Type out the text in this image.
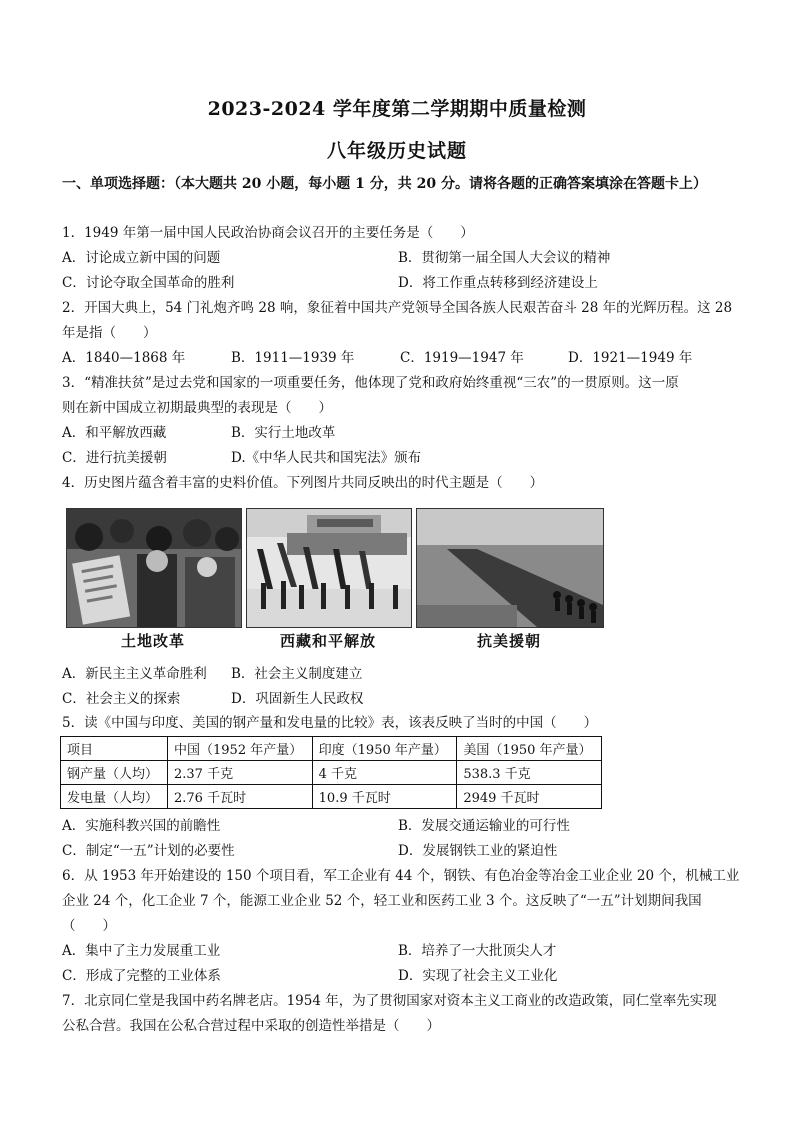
2023-2024 学年度第二学期期中质量检测
八年级历史试题
一、单项选择题：（本大题共 20 小题，每小题 1 分，共 20 分。请将各题的正确答案填涂在答题卡上）
1．1949 年第一届中国人民政治协商会议召开的主要任务是（　　）
A．讨论成立新中国的问题	B．贯彻第一届全国人大会议的精神
C．讨论夺取全国革命的胜利	D．将工作重点转移到经济建设上
2．开国大典上，54 门礼炮齐鸣 28 响，象征着中国共产党领导全国各族人民艰苦奋斗 28 年的光辉历程。这 28
年是指（　　）
A．1840—1868 年	B．1911—1939 年	C．1919—1947 年	D．1921—1949 年
3．“精准扶贫”是过去党和国家的一项重要任务，他体现了党和政府始终重视“三农”的一贯原则。这一原
则在新中国成立初期最典型的表现是（　　）
A．和平解放西藏	B．实行土地改革
C．进行抗美援朝	D.《中华人民共和国宪法》颁布
4．历史图片蕴含着丰富的史料价值。下列图片共同反映出的时代主题是（　　）
土地改革	西藏和平解放	抗美援朝
A．新民主主义革命胜利 B．社会主义制度建立
C．社会主义的探索	D．巩固新生人民政权
5．读《中国与印度、美国的钢产量和发电量的比较》表，该表反映了当时的中国（　　）
项目	中国（1952 年产量）	印度（1950 年产量）	美国（1950 年产量）
钢产量（人均）	2.37 千克	4 千克	538.3 千克
发电量（人均）	2.76 千瓦时	10.9 千瓦时	2949 千瓦时
A．实施科教兴国的前瞻性	B．发展交通运输业的可行性
C．制定“一五”计划的必要性	D．发展钢铁工业的紧迫性
6．从 1953 年开始建设的 150 个项目看，军工企业有 44 个，钢铁、有色冶金等冶金工业企业 20 个，机械工业
企业 24 个，化工企业 7 个，能源工业企业 52 个，轻工业和医药工业 3 个。这反映了“一五”计划期间我国
（　　）
A．集中了主力发展重工业	B．培养了一大批顶尖人才
C．形成了完整的工业体系	D．实现了社会主义工业化
7．北京同仁堂是我国中药名牌老店。1954 年，为了贯彻国家对资本主义工商业的改造政策，同仁堂率先实现
公私合营。我国在公私合营过程中采取的创造性举措是（　　）
